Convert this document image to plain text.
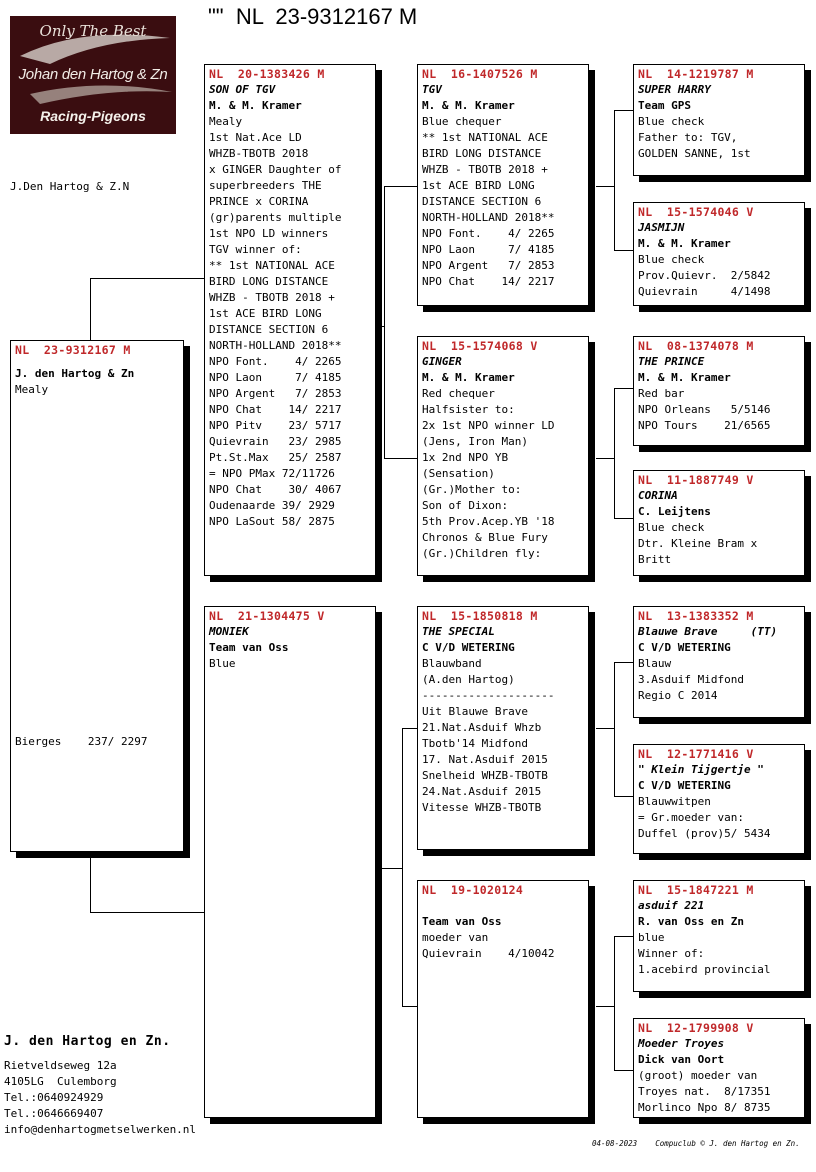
""  NL  23-9312167 M
Only The Best
Johan den Hartog & Zn
Racing-Pigeons
J.Den Hartog & Z.N
NL  23-9312167 M
J. den Hartog & Zn
Mealy
Bierges    237/ 2297
NL  20-1383426 M
SON OF TGV
M. & M. Kramer
Mealy
1st Nat.Ace LD
WHZB-TBOTB 2018
x GINGER Daughter of
superbreeders THE
PRINCE x CORINA
(gr)parents multiple
1st NPO LD winners
TGV winner of:
** 1st NATIONAL ACE
BIRD LONG DISTANCE
WHZB - TBOTB 2018 +
1st ACE BIRD LONG
DISTANCE SECTION 6
NORTH-HOLLAND 2018**
NPO Font.    4/ 2265
NPO Laon     7/ 4185
NPO Argent   7/ 2853
NPO Chat    14/ 2217
NPO Pitv    23/ 5717
Quievrain   23/ 2985
Pt.St.Max   25/ 2587
= NPO PMax 72/11726
NPO Chat    30/ 4067
Oudenaarde 39/ 2929
NPO LaSout 58/ 2875
NL  21-1304475 V
MONIEK
Team van Oss
Blue
NL  16-1407526 M
TGV
M. & M. Kramer
Blue chequer
** 1st NATIONAL ACE
BIRD LONG DISTANCE
WHZB - TBOTB 2018 +
1st ACE BIRD LONG
DISTANCE SECTION 6
NORTH-HOLLAND 2018**
NPO Font.    4/ 2265
NPO Laon     7/ 4185
NPO Argent   7/ 2853
NPO Chat    14/ 2217
NL  15-1574068 V
GINGER
M. & M. Kramer
Red chequer
Halfsister to:
2x 1st NPO winner LD
(Jens, Iron Man)
1x 2nd NPO YB
(Sensation)
(Gr.)Mother to:
Son of Dixon:
5th Prov.Acep.YB '18
Chronos & Blue Fury
(Gr.)Children fly:
NL  15-1850818 M
THE SPECIAL
C V/D WETERING
Blauwband
(A.den Hartog)
--------------------
Uit Blauwe Brave
21.Nat.Asduif Whzb
Tbotb'14 Midfond
17. Nat.Asduif 2015
Snelheid WHZB-TBOTB
24.Nat.Asduif 2015
Vitesse WHZB-TBOTB
NL  19-1020124
Team van Oss
moeder van
Quievrain    4/10042
NL  14-1219787 M
SUPER HARRY
Team GPS
Blue check
Father to: TGV,
GOLDEN SANNE, 1st
NL  15-1574046 V
JASMIJN
M. & M. Kramer
Blue check
Prov.Quievr.  2/5842
Quievrain     4/1498
NL  08-1374078 M
THE PRINCE
M. & M. Kramer
Red bar
NPO Orleans   5/5146
NPO Tours    21/6565
NL  11-1887749 V
CORINA
C. Leijtens
Blue check
Dtr. Kleine Bram x
Britt
NL  13-1383352 M
Blauwe Brave     (TT)
C V/D WETERING
Blauw
3.Asduif Midfond
Regio C 2014
NL  12-1771416 V
" Klein Tijgertje "
C V/D WETERING
Blauwwitpen
= Gr.moeder van:
Duffel (prov)5/ 5434
NL  15-1847221 M
asduif 221
R. van Oss en Zn
blue
Winner of:
1.acebird provincial
NL  12-1799908 V
Moeder Troyes
Dick van Oort
(groot) moeder van
Troyes nat.  8/17351
Morlinco Npo 8/ 8735
J. den Hartog en Zn.
Rietveldseweg 12a
4105LG  Culemborg
Tel.:0640924929
Tel.:0646669407
info@denhartogmetselwerken.nl
04-08-2023    Compuclub © J. den Hartog en Zn.
